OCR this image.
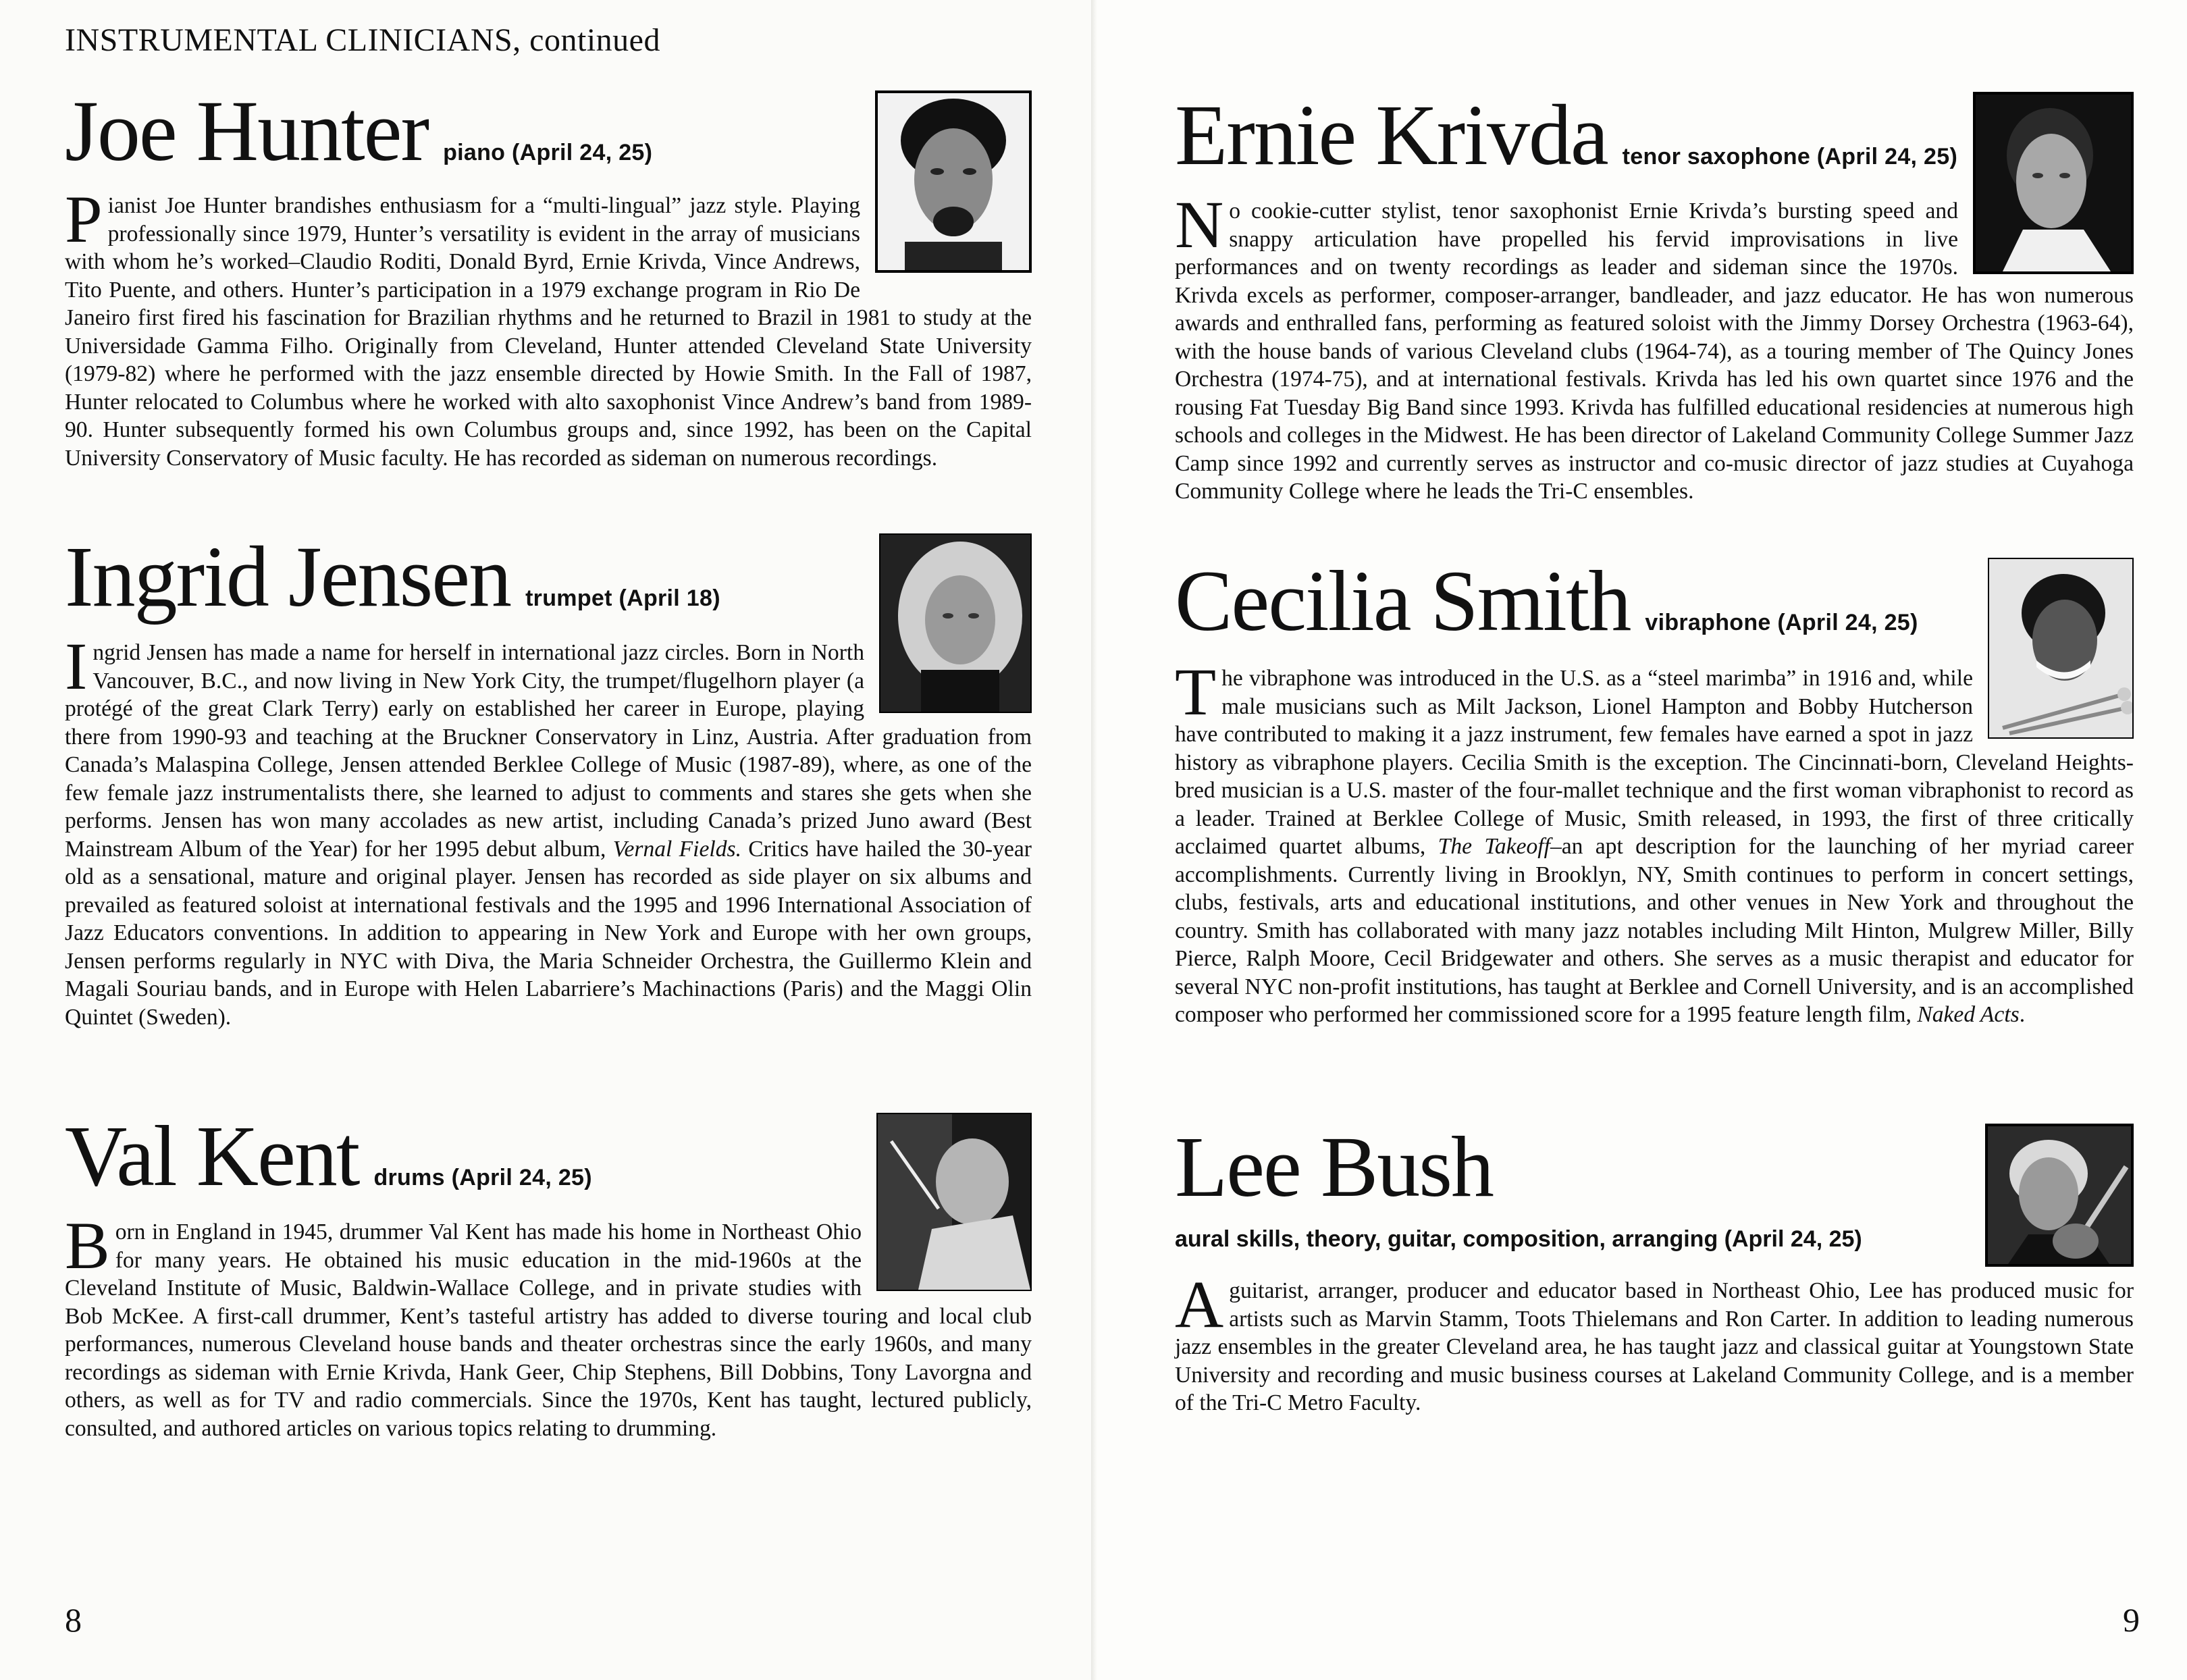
INSTRUMENTAL CLINICIANS, continued
Joe Hunter piano (April 24, 25)

Pianist Joe Hunter brandishes enthusiasm for a “multi-lingual” jazz style. Playing professionally since 1979, Hunter’s versatility is evident in the array of musicians with whom he’s worked–Claudio Roditi, Donald Byrd, Ernie Krivda, Vince Andrews, Tito Puente, and others. Hunter’s participation in a 1979 exchange program in Rio De Janeiro first fired his fascination for Brazilian rhythms and he returned to Brazil in 1981 to study at the Universidade Gamma Filho. Originally from Cleveland, Hunter attended Cleveland State University (1979-82) where he performed with the jazz ensemble directed by Howie Smith. In the Fall of 1987, Hunter relocated to Columbus where he worked with alto saxophonist Vince Andrew’s band from 1989-90. Hunter subsequently formed his own Columbus groups and, since 1992, has been on the Capital University Conservatory of Music faculty. He has recorded as sideman on numerous recordings.

Ingrid Jensen trumpet (April 18)

Ingrid Jensen has made a name for herself in international jazz circles. Born in North Vancouver, B.C., and now living in New York City, the trumpet/flugelhorn player (a protégé of the great Clark Terry) early on established her career in Europe, playing there from 1990-93 and teaching at the Bruckner Conservatory in Linz, Austria. After graduation from Canada’s Malaspina College, Jensen attended Berklee College of Music (1987-89), where, as one of the few female jazz instrumentalists there, she learned to adjust to comments and stares she gets when she performs. Jensen has won many accolades as new artist, including Canada’s prized Juno award (Best Mainstream Album of the Year) for her 1995 debut album, Vernal Fields. Critics have hailed the 30-year old as a sensational, mature and original player. Jensen has recorded as side player on six albums and prevailed as featured soloist at international festivals and the 1995 and 1996 International Association of Jazz Educators conventions. In addition to appearing in New York and Europe with her own groups, Jensen performs regularly in NYC with Diva, the Maria Schneider Orchestra, the Guillermo Klein and Magali Souriau bands, and in Europe with Helen Labarriere’s Machinactions (Paris) and the Maggi Olin Quintet (Sweden).

Val Kent drums (April 24, 25)

Born in England in 1945, drummer Val Kent has made his home in Northeast Ohio for many years. He obtained his music education in the mid-1960s at the Cleveland Institute of Music, Baldwin-Wallace College, and in private studies with Bob McKee. A first-call drummer, Kent’s tasteful artistry has added to diverse touring and local club performances, numerous Cleveland house bands and theater orchestras since the early 1960s, and many recordings as sideman with Ernie Krivda, Hank Geer, Chip Stephens, Bill Dobbins, Tony Lavorgna and others, as well as for TV and radio commercials. Since the 1970s, Kent has taught, lectured publicly, consulted, and authored articles on various topics relating to drumming.

8
Ernie Krivda tenor saxophone (April 24, 25)

No cookie-cutter stylist, tenor saxophonist Ernie Krivda’s bursting speed and snappy articulation have propelled his fervid improvisations in live performances and on twenty recordings as leader and sideman since the 1970s. Krivda excels as performer, composer-arranger, bandleader, and jazz educator. He has won numerous awards and enthralled fans, performing as featured soloist with the Jimmy Dorsey Orchestra (1963-64), with the house bands of various Cleveland clubs (1964-74), as a touring member of The Quincy Jones Orchestra (1974-75), and at international festivals. Krivda has led his own quartet since 1976 and the rousing Fat Tuesday Big Band since 1993. Krivda has fulfilled educational residencies at numerous high schools and colleges in the Midwest. He has been director of Lakeland Community College Summer Jazz Camp since 1992 and currently serves as instructor and co-music director of jazz studies at Cuyahoga Community College where he leads the Tri-C ensembles.

Cecilia Smith vibraphone (April 24, 25)

The vibraphone was introduced in the U.S. as a “steel marimba” in 1916 and, while male musicians such as Milt Jackson, Lionel Hampton and Bobby Hutcherson have contributed to making it a jazz instrument, few females have earned a spot in jazz history as vibraphone players. Cecilia Smith is the exception. The Cincinnati-born, Cleveland Heights-bred musician is a U.S. master of the four-mallet technique and the first woman vibraphonist to record as a leader. Trained at Berklee College of Music, Smith released, in 1993, the first of three critically acclaimed quartet albums, The Takeoff–an apt description for the launching of her myriad career accomplishments. Currently living in Brooklyn, NY, Smith continues to perform in concert settings, clubs, festivals, arts and educational institutions, and other venues in New York and throughout the country. Smith has collaborated with many jazz notables including Milt Hinton, Mulgrew Miller, Billy Pierce, Ralph Moore, Cecil Bridgewater and others. She serves as a music therapist and educator for several NYC non-profit institutions, has taught at Berklee and Cornell University, and is an accomplished composer who performed her commissioned score for a 1995 feature length film, Naked Acts.

Lee Bush
aural skills, theory, guitar, composition, arranging (April 24, 25)

Aguitarist, arranger, producer and educator based in Northeast Ohio, Lee has produced music for artists such as Marvin Stamm, Toots Thielemans and Ron Carter. In addition to leading numerous jazz ensembles in the greater Cleveland area, he has taught jazz and classical guitar at Youngstown State University and recording and music business courses at Lakeland Community College, and is a member of the Tri-C Metro Faculty.

9
